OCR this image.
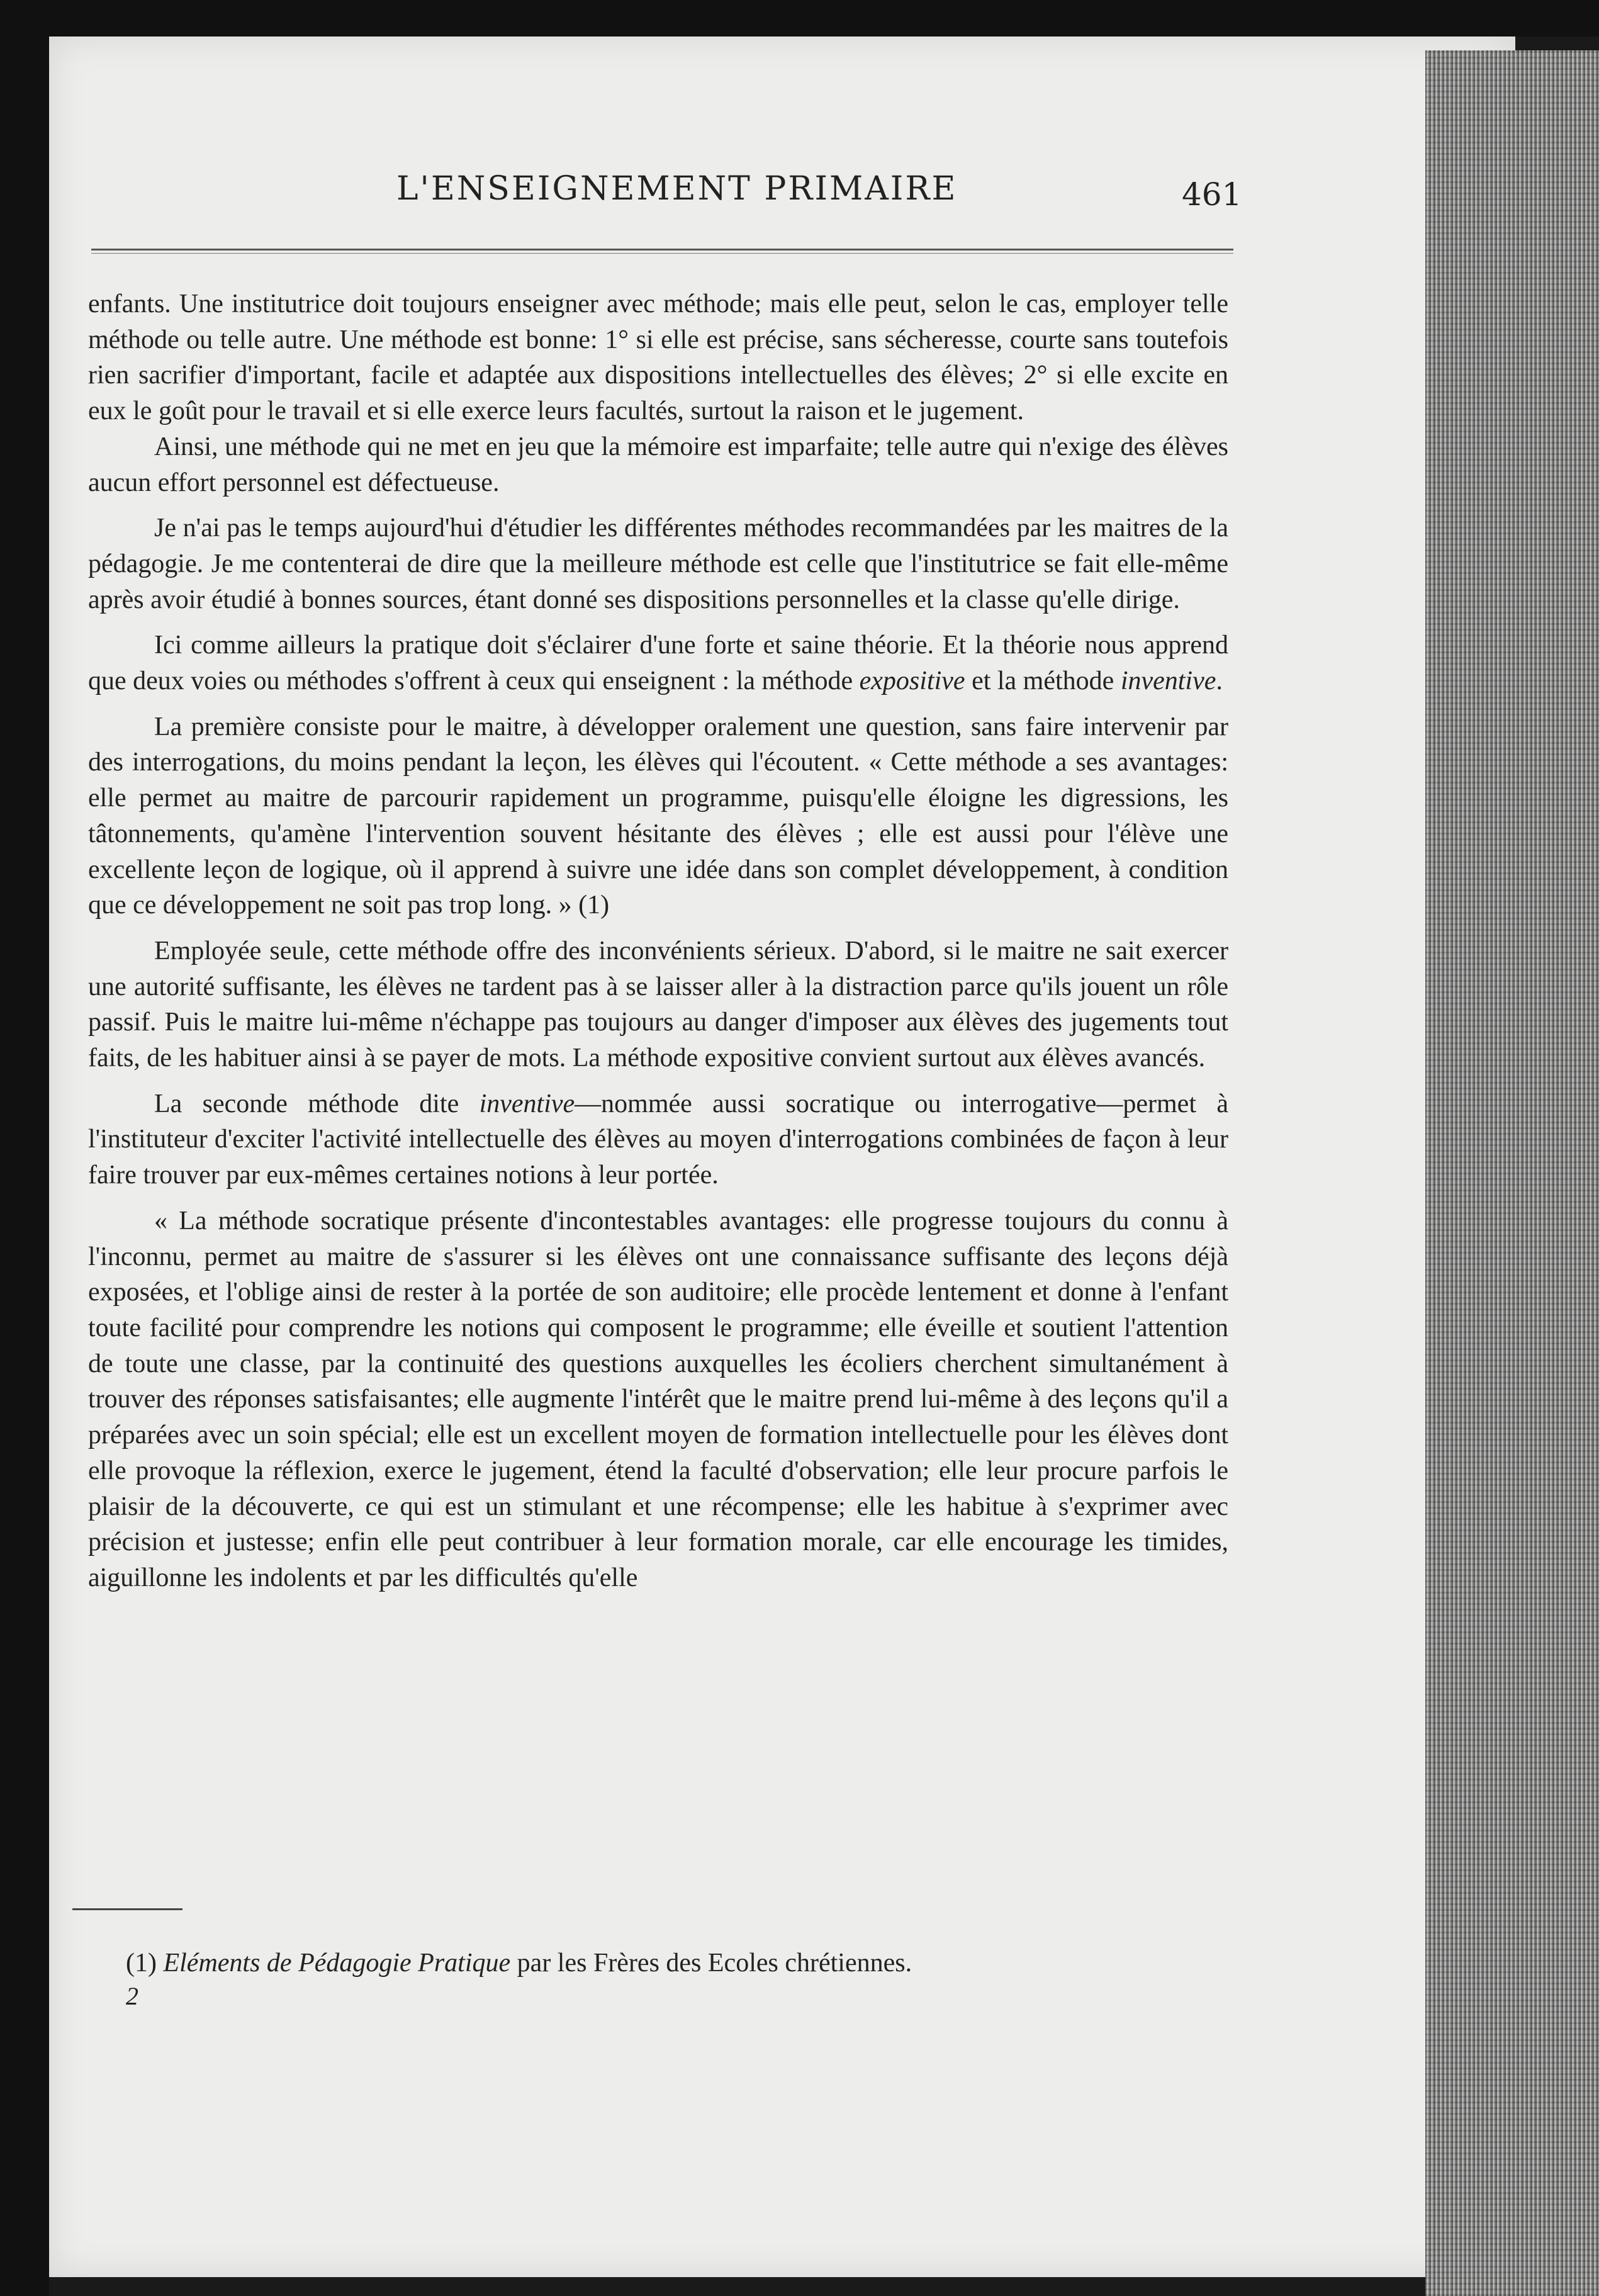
L'ENSEIGNEMENT PRIMAIRE	461

enfants. Une institutrice doit toujours enseigner avec méthode; mais elle peut, selon le cas, employer telle méthode ou telle autre. Une méthode est bonne: 1° si elle est précise, sans sécheresse, courte sans toutefois rien sacrifier d'important, facile et adaptée aux dispositions intellectuelles des élèves; 2° si elle excite en eux le goût pour le travail et si elle exerce leurs facultés, surtout la raison et le jugement.

Ainsi, une méthode qui ne met en jeu que la mémoire est imparfaite; telle autre qui n'exige des élèves aucun effort personnel est défectueuse.

Je n'ai pas le temps aujourd'hui d'étudier les différentes méthodes recommandées par les maitres de la pédagogie. Je me contenterai de dire que la meilleure méthode est celle que l'institutrice se fait elle-même après avoir étudié à bonnes sources, étant donné ses dispositions personnelles et la classe qu'elle dirige.

Ici comme ailleurs la pratique doit s'éclairer d'une forte et saine théorie. Et la théorie nous apprend que deux voies ou méthodes s'offrent à ceux qui enseignent : la méthode expositive et la méthode inventive.

La première consiste pour le maitre, à développer oralement une question, sans faire intervenir par des interrogations, du moins pendant la leçon, les élèves qui l'écoutent. « Cette méthode a ses avantages: elle permet au maitre de parcourir rapidement un programme, puisqu'elle éloigne les digressions, les tâtonnements, qu'amène l'intervention souvent hésitante des élèves ; elle est aussi pour l'élève une excellente leçon de logique, où il apprend à suivre une idée dans son complet développement, à condition que ce développement ne soit pas trop long. » (1)

Employée seule, cette méthode offre des inconvénients sérieux. D'abord, si le maitre ne sait exercer une autorité suffisante, les élèves ne tardent pas à se laisser aller à la distraction parce qu'ils jouent un rôle passif. Puis le maitre lui-même n'échappe pas toujours au danger d'imposer aux élèves des jugements tout faits, de les habituer ainsi à se payer de mots. La méthode expositive convient surtout aux élèves avancés.

La seconde méthode dite inventive—nommée aussi socratique ou interrogative—permet à l'instituteur d'exciter l'activité intellectuelle des élèves au moyen d'interrogations combinées de façon à leur faire trouver par eux-mêmes certaines notions à leur portée.

« La méthode socratique présente d'incontestables avantages: elle progresse toujours du connu à l'inconnu, permet au maitre de s'assurer si les élèves ont une connaissance suffisante des leçons déjà exposées, et l'oblige ainsi de rester à la portée de son auditoire; elle procède lentement et donne à l'enfant toute facilité pour comprendre les notions qui composent le programme; elle éveille et soutient l'attention de toute une classe, par la continuité des questions auxquelles les écoliers cherchent simultanément à trouver des réponses satisfaisantes; elle augmente l'intérêt que le maitre prend lui-même à des leçons qu'il a préparées avec un soin spécial; elle est un excellent moyen de formation intellectuelle pour les élèves dont elle provoque la réflexion, exerce le jugement, étend la faculté d'observation; elle leur procure parfois le plaisir de la découverte, ce qui est un stimulant et une récompense; elle les habitue à s'exprimer avec précision et justesse; enfin elle peut contribuer à leur formation morale, car elle encourage les timides, aiguillonne les indolents et par les difficultés qu'elle

(1) Eléments de Pédagogie Pratique par les Frères des Ecoles chrétiennes.
2
